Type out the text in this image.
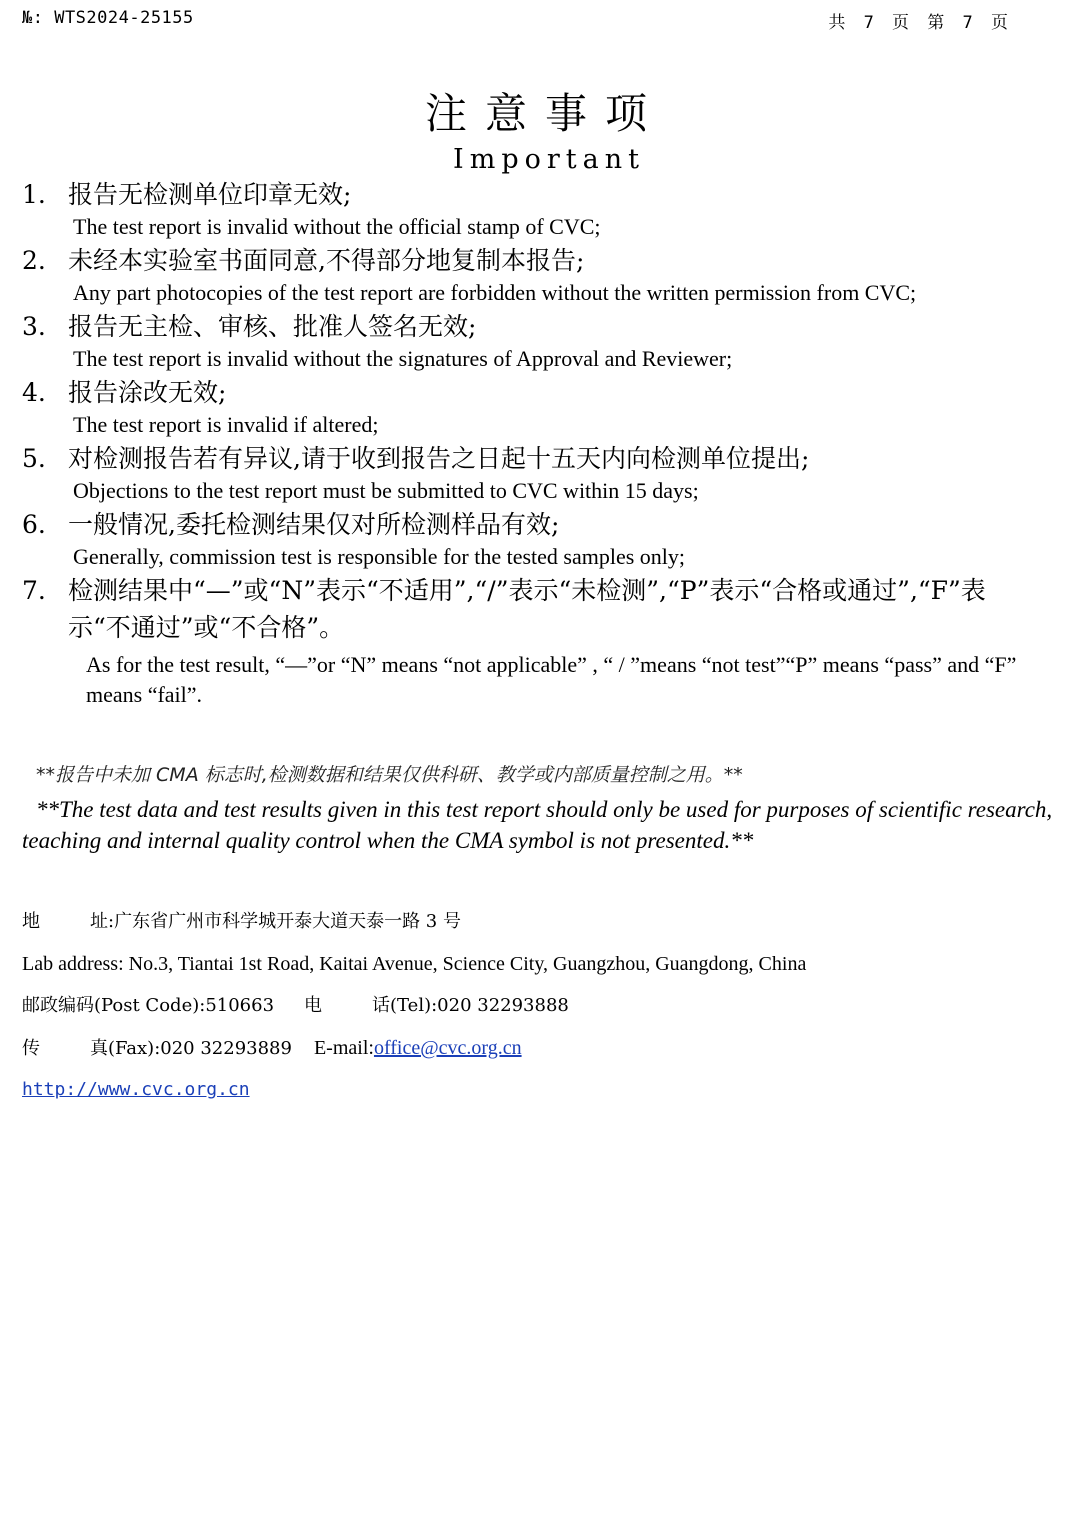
№: WTS2024-25155	共 7 页 第 7 页
注意事项
Important
1. 报告无检测单位印章无效;
The test report is invalid without the official stamp of CVC;
2. 未经本实验室书面同意,不得部分地复制本报告;
Any part photocopies of the test report are forbidden without the written permission from CVC;
3. 报告无主检、审核、批准人签名无效;
The test report is invalid without the signatures of Approval and Reviewer;
4. 报告涂改无效;
The test report is invalid if altered;
5. 对检测报告若有异议,请于收到报告之日起十五天内向检测单位提出;
Objections to the test report must be submitted to CVC within 15 days;
6. 一般情况,委托检测结果仅对所检测样品有效;
Generally, commission test is responsible for the tested samples only;
7. 检测结果中“—”或“N”表示“不适用”,“/”表示“未检测”,“P”表示“合格或通过”,“F”表示“不通过”或“不合格”。
As for the test result, “—”or “N” means “not applicable” , “ / ”means “not test”“P” means “pass” and “F” means “fail”.
**报告中未加 CMA 标志时,检测数据和结果仅供科研、教学或内部质量控制之用。**
**The test data and test results given in this test report should only be used for purposes of scientific research, teaching and internal quality control when the CMA symbol is not presented.**
地	址:广东省广州市科学城开泰大道天泰一路 3 号
Lab address: No.3, Tiantai 1st Road, Kaitai Avenue, Science City, Guangzhou, Guangdong, China
邮政编码(Post Code):510663 电	话(Tel):020 32293888
传	真(Fax):020 32293889 E-mail:office@cvc.org.cn
http://www.cvc.org.cn
